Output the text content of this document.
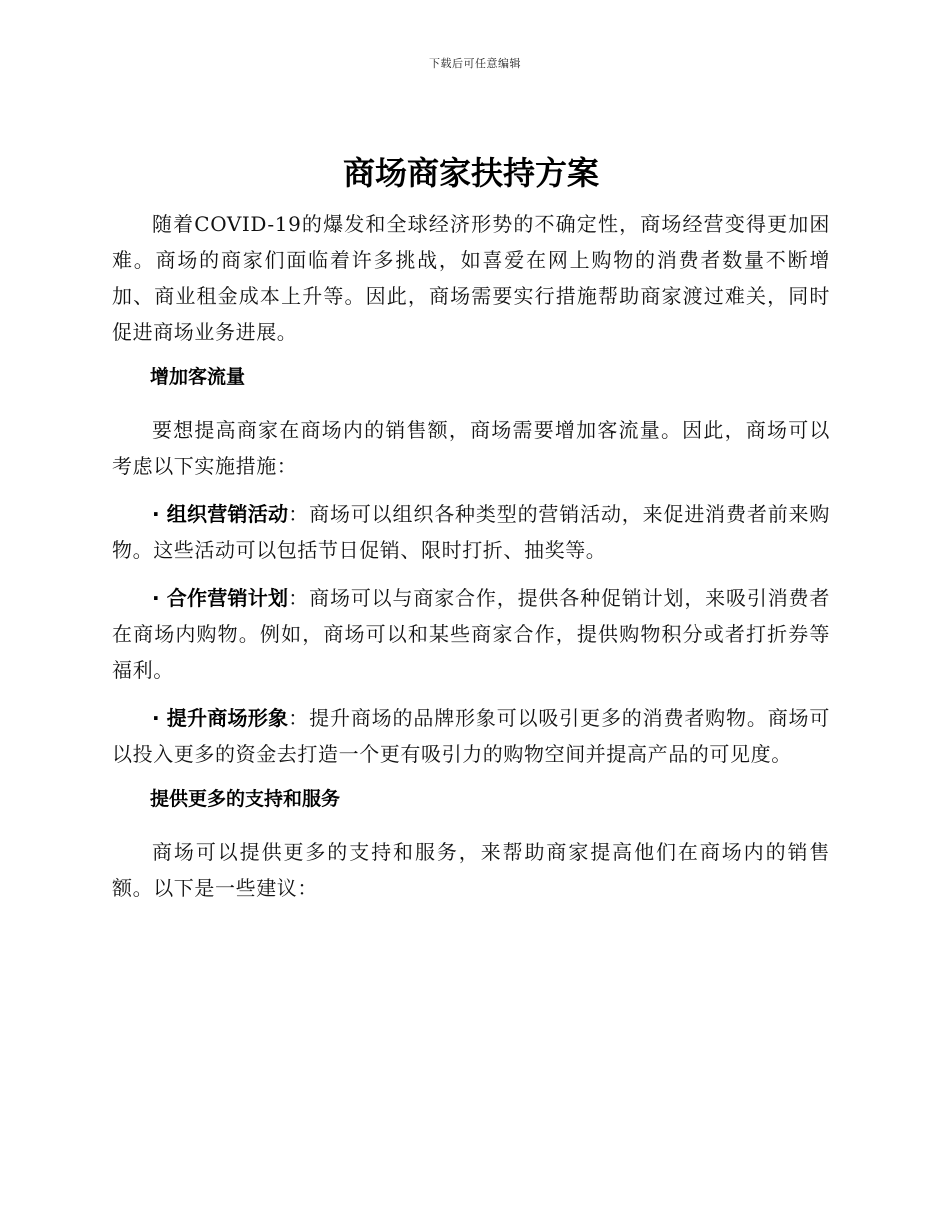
下载后可任意编辑
商场商家扶持方案

随着COVID-19的爆发和全球经济形势的不确定性，商场经营变得更加困难。商场的商家们面临着许多挑战，如喜爱在网上购物的消费者数量不断增加、商业租金成本上升等。因此，商场需要实行措施帮助商家渡过难关，同时促进商场业务进展。

增加客流量

要想提高商家在商场内的销售额，商场需要增加客流量。因此，商场可以考虑以下实施措施：

· 组织营销活动：商场可以组织各种类型的营销活动，来促进消费者前来购物。这些活动可以包括节日促销、限时打折、抽奖等。

· 合作营销计划：商场可以与商家合作，提供各种促销计划，来吸引消费者在商场内购物。例如，商场可以和某些商家合作，提供购物积分或者打折券等福利。

· 提升商场形象：提升商场的品牌形象可以吸引更多的消费者购物。商场可以投入更多的资金去打造一个更有吸引力的购物空间并提高产品的可见度。

提供更多的支持和服务

商场可以提供更多的支持和服务，来帮助商家提高他们在商场内的销售额。以下是一些建议：
